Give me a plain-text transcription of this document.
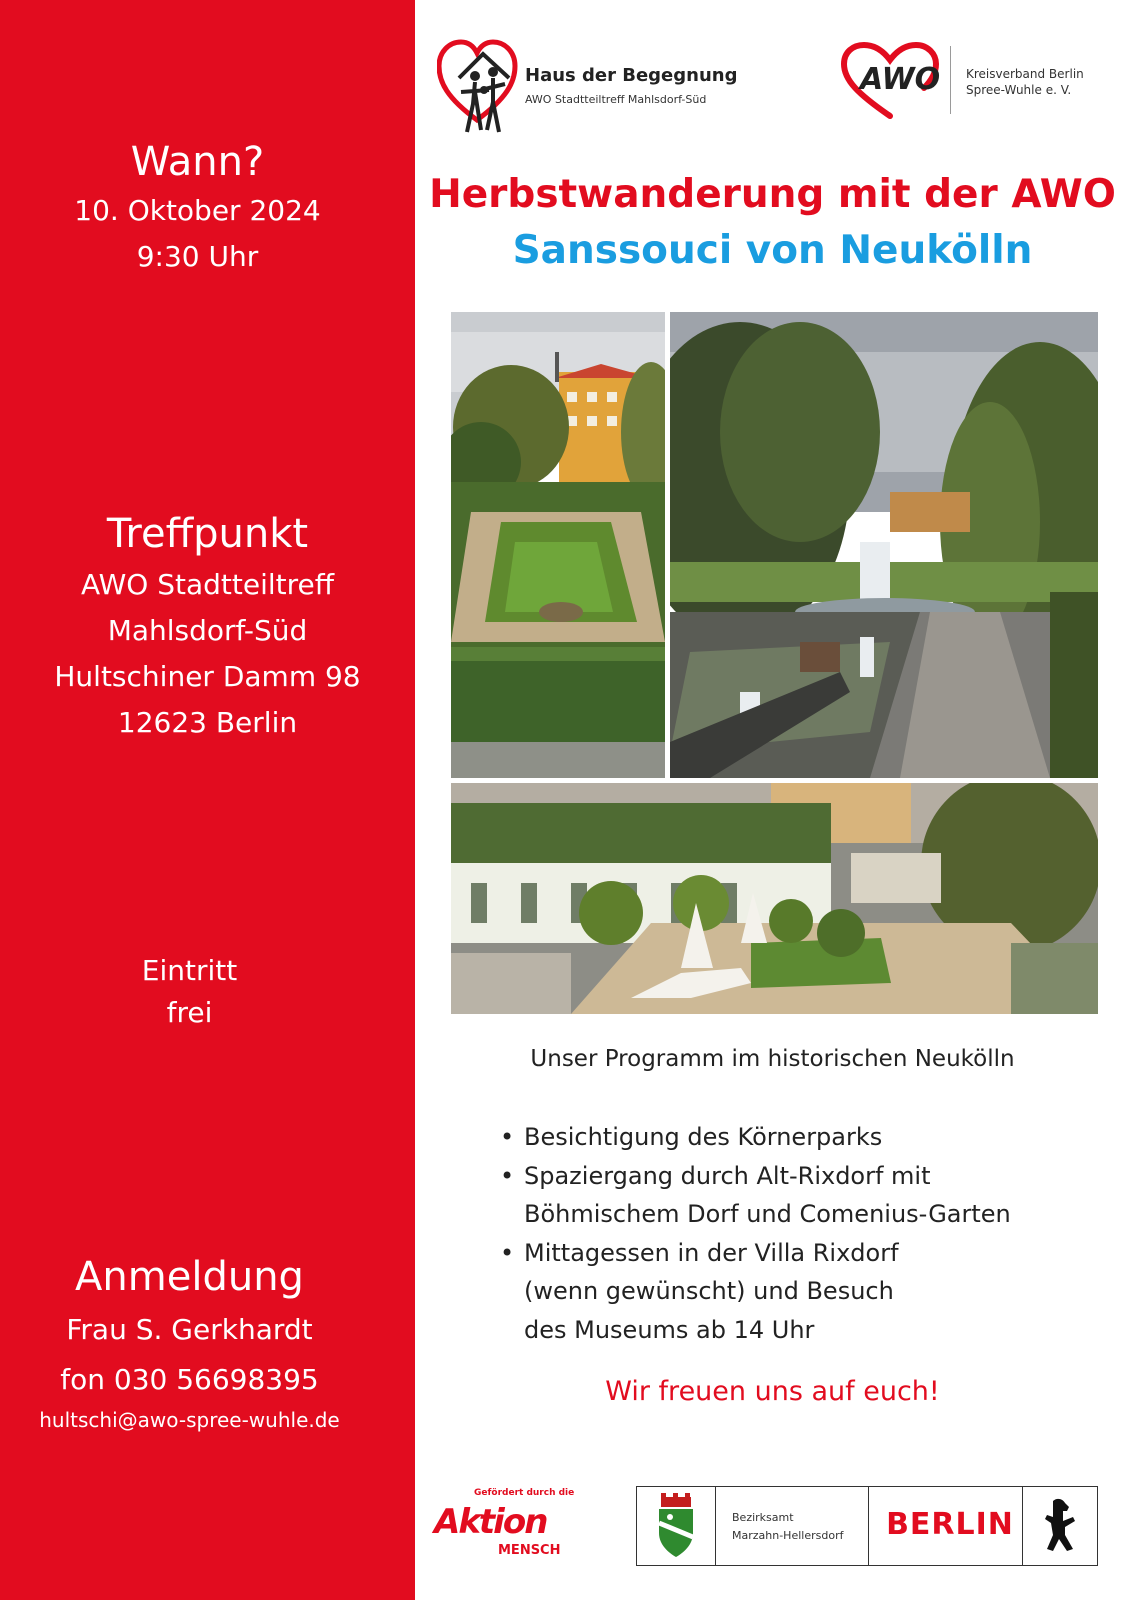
Wann?
10. Oktober 2024
9:30 Uhr
Treffpunkt
AWO Stadtteiltreff
Mahlsdorf-Süd
Hultschiner Damm 98
12623 Berlin
Eintritt
frei
Anmeldung
Frau S. Gerkhardt
fon 030 56698395
hultschi@awo-spree-wuhle.de
Haus der Begegnung
AWO Stadtteiltreff Mahlsdorf-Süd
AWO Kreisverband Berlin
Spree-Wuhle e. V.
Herbstwanderung mit der AWO
Sanssouci von Neukölln
Unser Programm im historischen Neukölln
• Besichtigung des Körnerparks
• Spaziergang durch Alt-Rixdorf mit
Böhmischem Dorf und Comenius-Garten
• Mittagessen in der Villa Rixdorf
(wenn gewünscht) und Besuch
des Museums ab 14 Uhr
Wir freuen uns auf euch!
Gefördert durch die
Aktion
MENSCH
Bezirksamt
Marzahn-Hellersdorf	BERLIN
